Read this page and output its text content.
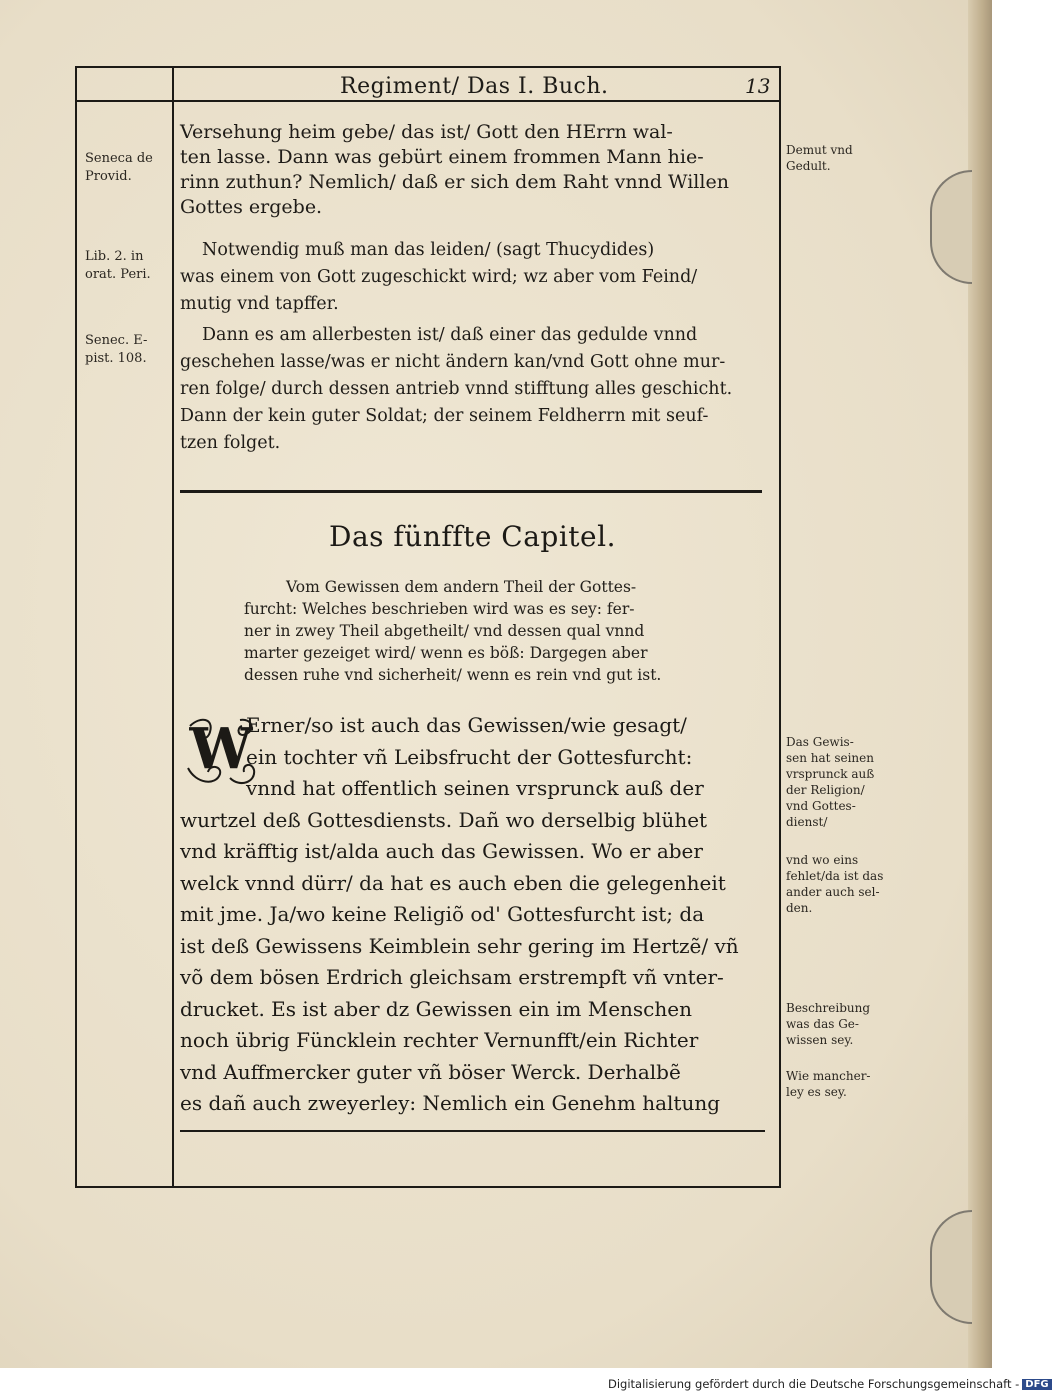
Regiment/ Das I. Buch.	13
Seneca de
Provid.
Lib. 2. in
orat. Peri.
Senec. E-
pist. 108.
Demut vnd
Gedult.
Das Gewis-
sen hat seinen
vrsprunck auß
der Religion/
vnd Gottes-
dienst/
vnd wo eins
fehlet/da ist das
ander auch sel-
den.
Beschreibung
was das Ge-
wissen sey.
Wie mancher-
ley es sey.
Versehung heim gebe/ das ist/ Gott den HErrn wal-
ten lasse. Dann was gebürt einem frommen Mann hie-
rinn zuthun? Nemlich/ daß er sich dem Raht vnnd Willen
Gottes ergebe.
Notwendig muß man das leiden/ (sagt Thucydides)
was einem von Gott zugeschickt wird; wz aber vom Feind/
mutig vnd tapffer.
Dann es am allerbesten ist/ daß einer das gedulde vnnd
geschehen lasse/was er nicht ändern kan/vnd Gott ohne mur-
ren folge/ durch dessen antrieb vnnd stifftung alles geschicht.
Dann der kein guter Soldat; der seinem Feldherrn mit seuf-
tzen folget.
Das fünffte Capitel.
Vom Gewissen dem andern Theil der Gottes-
furcht: Welches beschrieben wird was es sey: fer-
ner in zwey Theil abgetheilt/ vnd dessen qual vnnd
marter gezeiget wird/ wenn es böß: Dargegen aber
dessen ruhe vnd sicherheit/ wenn es rein vnd gut ist.
W
Erner/so ist auch das Gewissen/wie gesagt/
ein tochter vñ Leibsfrucht der Gottesfurcht:
vnnd hat offentlich seinen vrsprunck auß der
wurtzel deß Gottesdiensts. Dañ wo derselbig blühet
vnd kräfftig ist/alda auch das Gewissen. Wo er aber
welck vnnd dürr/ da hat es auch eben die gelegenheit
mit jme. Ja/wo keine Religiõ od' Gottesfurcht ist; da
ist deß Gewissens Keimblein sehr gering im Hertzẽ/ vñ
võ dem bösen Erdrich gleichsam erstrempft vñ vnter-
drucket. Es ist aber dz Gewissen ein im Menschen
noch übrig Füncklein rechter Vernunfft/ein Richter
vnd Auffmercker guter vñ böser Werck. Derhalbẽ
es dañ auch zweyerley: Nemlich ein Genehm haltung
Digitalisierung gefördert durch die Deutsche Forschungsgemeinschaft - DFG
